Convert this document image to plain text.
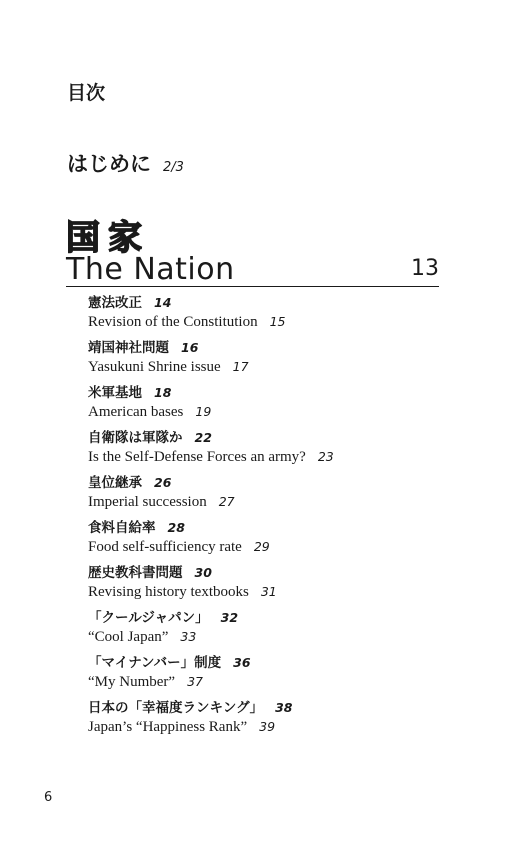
目次
はじめに 2/3
国家
The Nation	13
憲法改正 14
Revision of the Constitution 15
靖国神社問題 16
Yasukuni Shrine issue 17
米軍基地 18
American bases 19
自衛隊は軍隊か 22
Is the Self-Defense Forces an army? 23
皇位継承 26
Imperial succession 27
食料自給率 28
Food self-sufficiency rate 29
歴史教科書問題 30
Revising history textbooks 31
「クールジャパン」 32
“Cool Japan” 33
「マイナンバー」制度 36
“My Number” 37
日本の「幸福度ランキング」 38
Japan’s “Happiness Rank” 39
6
